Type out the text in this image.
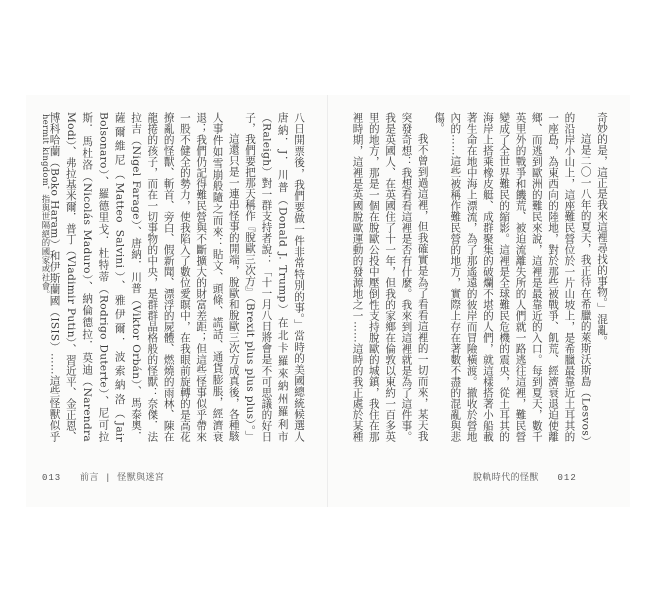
奇妙的是，這正是我來這裡尋找的事物。」混亂。

這是二〇一八年的夏天，我正待在希臘的萊斯沃斯島（Lesvos）的沿岸小山上，這座難民營位於一片山坡上，是希臘最靠近土耳其的一座島，為東西向的陸地，對於那些被戰爭、飢荒、經濟衰退迫使離鄉、而逃到歐洲的難民來說，這裡是最靠近的入口。每到夏天，數千英里外的戰爭和饑荒、被迫流離失所的人們就一路逃往這裡，難民營變成了全世界難民的縮影。這裡是全球難民危機的震央，從土耳其的海岸上搭乘橡皮艇、成群聚集的破爛不堪的人們，就這樣搭著小船載著生命在地中海上漂流，為了那遙遠的彼岸而冒險橫渡。撤收於營地內的……這些被稱作難民營的地方，實際上存在著數不盡的混亂與悲傷。

我不曾到過這裡，但我確實是為了看看這裡的一切而來，某天我突發奇想：我想看看這裡是否有什麼。我來到這裡就是為了這件事。我是英國人、在英國住了十一年，但我的家鄉在倫敦以東約一百多英里的地方，那是一個在脫歐公投中壓倒性支持脫歐的城鎮，我住在那裡時期，這裡是英國脫歐運動的發源地之一……這時的我正處於某種

八日開票後，我們要做一件非常特別的事。」當時的美國總統候選人唐納．J．川普（Donald J. Trump）在北卡羅來納州羅利市（Raleigh）對一群支持者說：「十一月八日將會是不可思議的好日子，我們要把那天稱作『脫歐三次方』（Brexit plus plus plus）。」

這還只是一連串怪事的開端，脫歐和脫歐三次方成真後，各種駭人事件如雪崩般隨之而來：貼文、頭條、謊話、通貨膨脹，經濟衰退；我們仍記得難民營與不斷擴大的財富差距；但這些怪事似乎帶來一股不健全的勢力，使我陷入了數位愛瞑中，在我眼前旋轉的是高花撩亂的怪獸、斬首、旁白、假新聞、漂浮的屍體、燃燒的雨林、陳在龍捲的孩子，而在一切事物的中央，是群群晶格般的怪獸：奈傑．法拉吉（Nigel Farage）、唐納．川普（Viktor Orbán）、馬泰奧．薩爾維尼（Matteo Salvini）、雅伊爾．波索納洛（Jair Bolsonaro）、羅德里戈．杜特蒂（Rodrigo Duterte）、尼可拉斯．馬杜洛（Nicolás Maduro）、納倫德拉．莫迪（Narendra Modi）、弗拉基米爾．普丁（Vladimir Putin）、習近平、金正恩、博科哈蘭（Boko Haram）和伊斯蘭國（ISIS）……這些怪獸似乎

hermit kingdom，指與世隔絕的國家或社會。
013 前言 | 怪獸與迷宮	脫軌時代的怪獸 012
